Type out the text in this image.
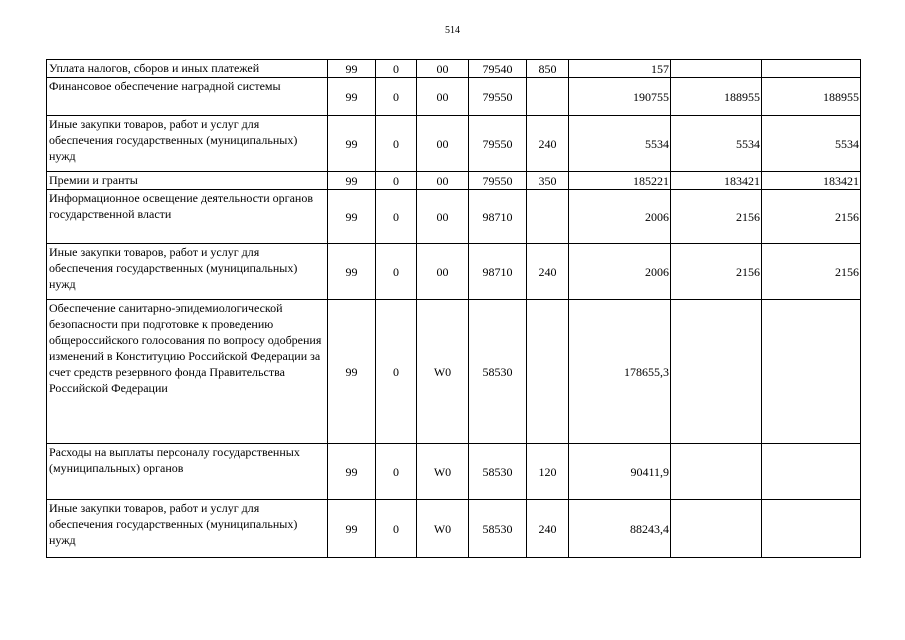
514
Уплата налогов, сборов и иных платежей	99	0	00	79540	850	157		
Финансовое обеспечение наградной системы	99	0	00	79550		190755	188955	188955
Иные закупки товаров, работ и услуг для обеспечения государственных (муниципальных) нужд	99	0	00	79550	240	5534	5534	5534
Премии и гранты	99	0	00	79550	350	185221	183421	183421
Информационное освещение деятельности органов государственной власти	99	0	00	98710		2006	2156	2156
Иные закупки товаров, работ и услуг для обеспечения государственных (муниципальных) нужд	99	0	00	98710	240	2006	2156	2156
Обеспечение санитарно-эпидемиологической безопасности при подготовке к проведению общероссийского голосования по вопросу одобрения изменений в Конституцию Российской Федерации за счет средств резервного фонда Правительства Российской Федерации	99	0	W0	58530		178655,3		
Расходы на выплаты персоналу государственных (муниципальных) органов	99	0	W0	58530	120	90411,9		
Иные закупки товаров, работ и услуг для обеспечения государственных (муниципальных) нужд	99	0	W0	58530	240	88243,4		
